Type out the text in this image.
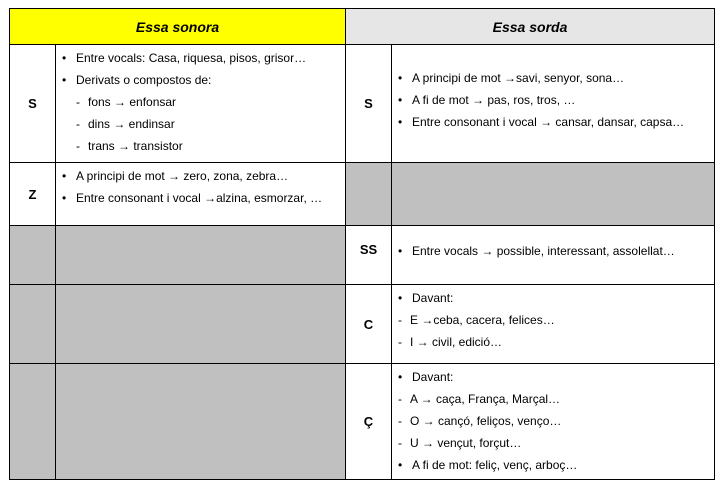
Essa sonora	Essa sorda
S
• Entre vocals: Casa, riquesa, pisos, grisor…
• Derivats o compostos de:
- fons → enfonsar
- dins → endinsar
- trans → transistor
S
• A principi de mot →savi, senyor, sona…
• A fi de mot → pas, ros, tros, …
• Entre consonant i vocal → cansar, dansar, capsa…
Z
• A principi de mot → zero, zona, zebra…
• Entre consonant i vocal →alzina, esmorzar, …
SS
•	Entre vocals → possible, interessant, assolellat…
C
• Davant:
- E →ceba, cacera, felices…
- I → civil, edició…
Ç
• Davant:
- A → caça, França, Marçal…
- O → cançó, feliços, venço…
- U → vençut, forçut…
• A fi de mot: feliç, venç, arboç…
